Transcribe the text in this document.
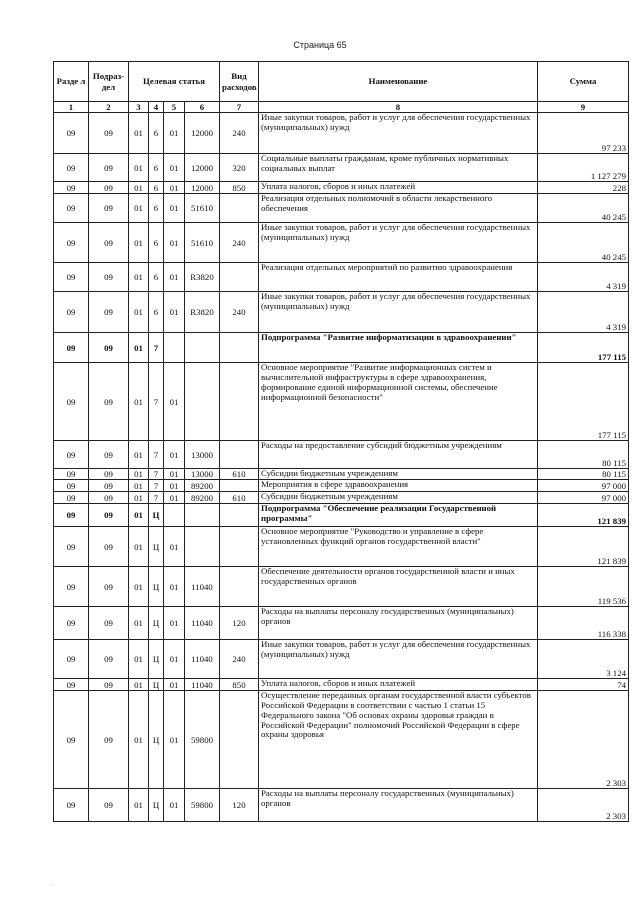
Страница 65
Разде л	Подраз- дел	Целевая статья				Вид расходов	Наименование	Сумма
1	2	3	4	5	6	7	8	9
09	09	01	6	01	12000	240	Иные закупки товаров, работ и услуг для обеспечения государственных (муниципальных) нужд	97 233
09	09	01	6	01	12000	320	Социальные выплаты гражданам, кроме публичных нормативных социальных выплат	1 127 279
09	09	01	6	01	12000	850	Уплата налогов, сборов и иных платежей	228
09	09	01	6	01	51610		Реализация отдельных полномочий в области лекарственного обеспечения	40 245
09	09	01	6	01	51610	240	Иные закупки товаров, работ и услуг для обеспечения государственных (муниципальных) нужд	40 245
09	09	01	6	01	R3820		Реализация отдельных мероприятий по развитию здравоохранения	4 319
09	09	01	6	01	R3820	240	Иные закупки товаров, работ и услуг для обеспечения государственных (муниципальных) нужд	4 319
09	09	01	7				Подпрограмма "Развитие информатизации в здравоохранении"	177 115
09	09	01	7	01			Основное мероприятие "Развитие информационных систем и вычислительной инфраструктуры в сфере здравоохранения, формирование единой информационной системы, обеспечение информационной безопасности"	177 115
09	09	01	7	01	13000		Расходы на предоставление субсидий бюджетным учреждениям	80 115
09	09	01	7	01	13000	610	Субсидии бюджетным учреждениям	80 115
09	09	01	7	01	89200		Мероприятия в сфере здравоохранения	97 000
09	09	01	7	01	89200	610	Субсидии бюджетным учреждениям	97 000
09	09	01	Ц				Подпрограмма "Обеспечение реализации Государственной программы"	121 839
09	09	01	Ц	01			Основное мероприятие "Руководство и управление в сфере установленных функций органов государственной власти"	121 839
09	09	01	Ц	01	11040		Обеспечение деятельности органов государственной власти и иных государственных органов	119 536
09	09	01	Ц	01	11040	120	Расходы на выплаты персоналу государственных (муниципальных) органов	116 338
09	09	01	Ц	01	11040	240	Иные закупки товаров, работ и услуг для обеспечения государственных (муниципальных) нужд	3 124
09	09	01	Ц	01	11040	850	Уплата налогов, сборов и иных платежей	74
09	09	01	Ц	01	59800		Осуществление переданных органам государственной власти субъектов Российской Федерации в соответствии с частью 1 статьи 15 Федерального закона "Об основах охраны здоровья граждан в Российской Федерации" полномочий Российской Федерации в сфере охраны здоровья	2 303
09	09	01	Ц	01	59800	120	Расходы на выплаты персоналу государственных (муниципальных) органов	2 303
·
